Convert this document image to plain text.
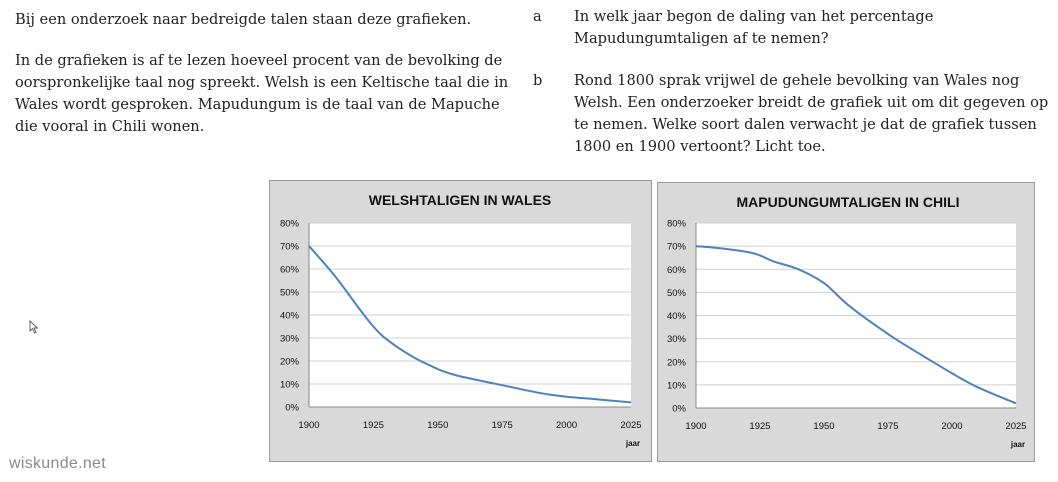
Bij een onderzoek naar bedreigde talen staan deze grafieken.
In de grafieken is af te lezen hoeveel procent van de bevolking de oorspronkelijke taal nog spreekt. Welsh is een Keltische taal die in Wales wordt gesproken. Mapudungum is de taal van de Mapuche die vooral in Chili wonen.
a In welk jaar begon de daling van het percentage Mapudungumtaligen af te nemen?
b Rond 1800 sprak vrijwel de gehele bevolking van Wales nog Welsh. Een onderzoeker breidt de grafiek uit om dit gegeven op te nemen. Welke soort dalen verwacht je dat de grafiek tussen 1800 en 1900 vertoont? Licht toe.
WELSHTALIGEN IN WALES
0%
10%
20%
30%
40%
50%
60%
70%
80%
1900	1925	1950	1975	2000	2025
jaar
MAPUDUNGUMTALIGEN IN CHILI
0%
10%
20%
30%
40%
50%
60%
70%
80%
1900	1925	1950	1975	2000	2025
jaar
wiskunde.net
